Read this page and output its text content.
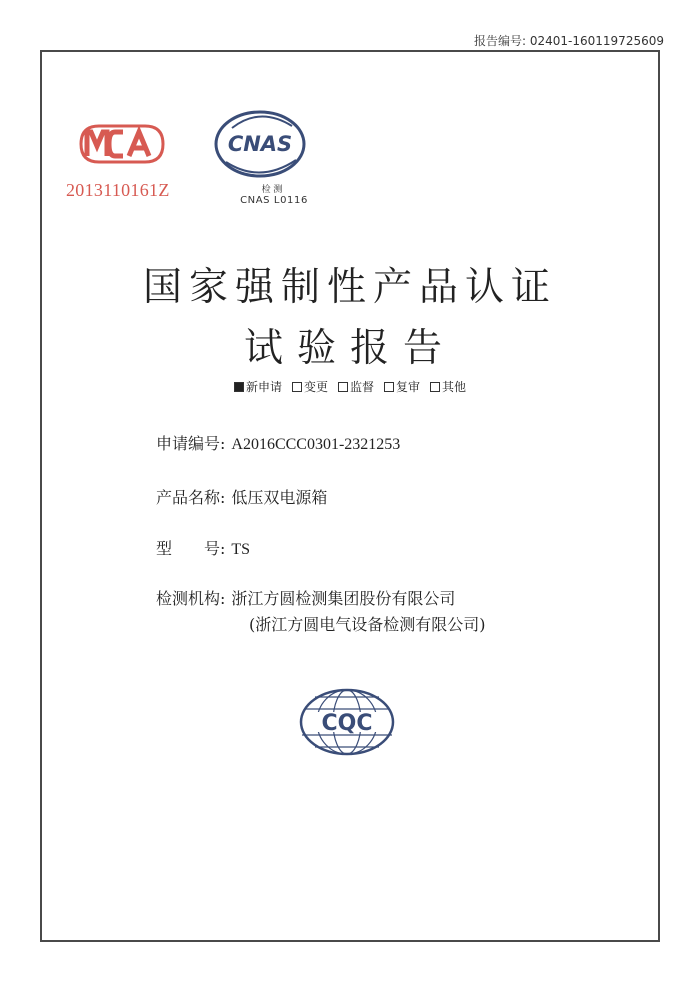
报告编号: 02401-160119725609
2013110161Z
CNAS
检 测
CNAS L0116
国家强制性产品认证
试验报告
新申请 变更 监督 复审 其他
申请编号: A2016CCC0301-2321253
产品名称: 低压双电源箱
型　　号: TS
检测机构: 浙江方圆检测集团股份有限公司
(浙江方圆电气设备检测有限公司)
CQC
